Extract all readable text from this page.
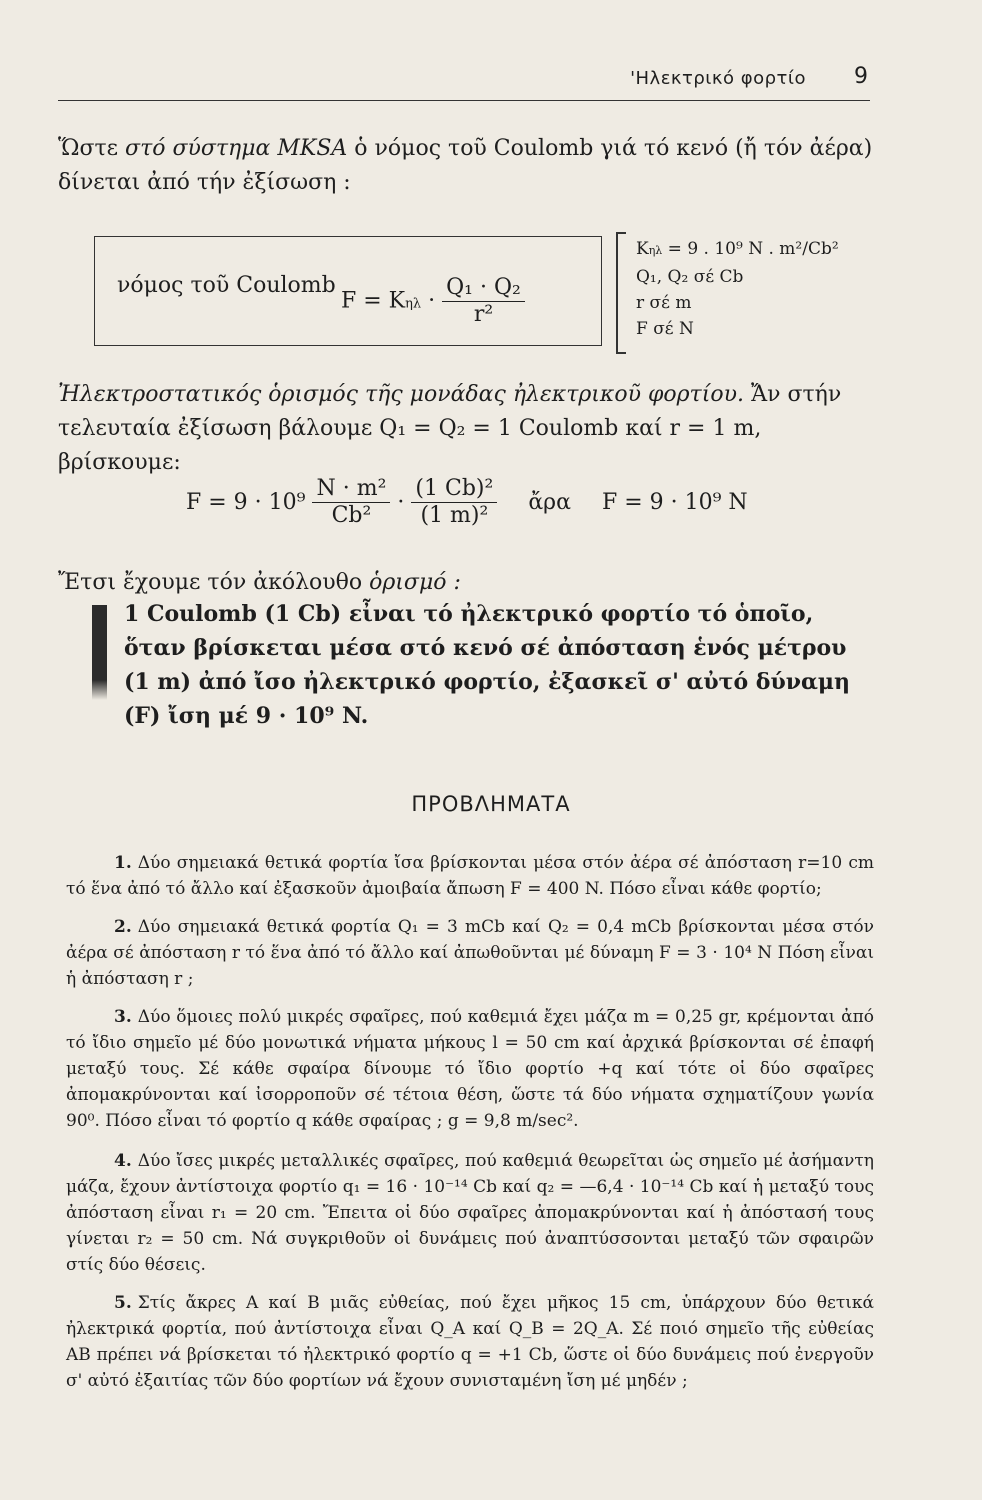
'Ηλεκτρικό φορτίο 9
Ὥστε στό σύστημα MKSA ὁ νόμος τοῦ Coulomb γιά τό κενό (ἤ τόν ἀέρα) δίνεται ἀπό τήν ἐξίσωση :
νόμος τοῦ Coulomb
$F = K\eta\lambda \cdot \frac{\text{Q₁ · Q₂}}{\text{r²}}$
Kηλ = 9 . 10⁹ N . m²/Cb²
Q₁, Q₂ σέ Cb
r σέ m
F σέ N
Ἠλεκτροστατικός ὁρισμός τῆς μονάδας ἠλεκτρικοῦ φορτίου. Ἄν στήν τελευταία ἐξίσωση βάλουμε Q₁ = Q₂ = 1 Coulomb καί r = 1 m, βρίσκουμε:
$F = 9 \cdot 10^9 \frac{\text{N · m²}}{\text{Cb²}} \cdot \frac{\text{(1 Cb)²}}{\text{(1 m)²}}$ ἄρα F = 9 · 10⁹ N
Ἔτσι ἔχουμε τόν ἀκόλουθο ὁρισμό :
1 Coulomb (1 Cb) εἶναι τό ἠλεκτρικό φορτίο τό ὁποῖο, ὅταν βρίσκεται μέσα στό κενό σέ ἀπόσταση ἑνός μέτρου (1 m) ἀπό ἴσο ἠλεκτρικό φορτίο, ἐξασκεῖ σ' αὐτό δύναμη (F) ἴση μέ 9 · 10⁹ N.
ΠΡΟΒΛΗΜΑΤΑ
1. Δύο σημειακά θετικά φορτία ἴσα βρίσκονται μέσα στόν ἀέρα σέ ἀπόσταση r=10 cm τό ἕνα ἀπό τό ἄλλο καί ἐξασκοῦν ἀμοιβαία ἄπωση F = 400 N. Πόσο εἶναι κάθε φορτίο;
2. Δύο σημειακά θετικά φορτία Q₁ = 3 mCb καί Q₂ = 0,4 mCb βρίσκονται μέσα στόν ἀέρα σέ ἀπόσταση r τό ἕνα ἀπό τό ἄλλο καί ἀπωθοῦνται μέ δύναμη F = 3 · 10⁴ N Πόση εἶναι ἡ ἀπόσταση r ;
3. Δύο ὅμοιες πολύ μικρές σφαῖρες, πού καθεμιά ἔχει μάζα m = 0,25 gr, κρέμονται ἀπό τό ἴδιο σημεῖο μέ δύο μονωτικά νήματα μήκους l = 50 cm καί ἀρχικά βρίσκονται σέ ἐπαφή μεταξύ τους. Σέ κάθε σφαίρα δίνουμε τό ἴδιο φορτίο +q καί τότε οἱ δύο σφαῖρες ἀπομακρύνονται καί ἰσορροποῦν σέ τέτοια θέση, ὥστε τά δύο νήματα σχηματίζουν γωνία 90⁰. Πόσο εἶναι τό φορτίο q κάθε σφαίρας ; g = 9,8 m/sec².
4. Δύο ἴσες μικρές μεταλλικές σφαῖρες, πού καθεμιά θεωρεῖται ὡς σημεῖο μέ ἀσήμαντη μάζα, ἔχουν ἀντίστοιχα φορτίο q₁ = 16 · 10⁻¹⁴ Cb καί q₂ = —6,4 · 10⁻¹⁴ Cb καί ἡ μεταξύ τους ἀπόσταση εἶναι r₁ = 20 cm. Ἔπειτα οἱ δύο σφαῖρες ἀπομακρύνονται καί ἡ ἀπόστασή τους γίνεται r₂ = 50 cm. Νά συγκριθοῦν οἱ δυνάμεις πού ἀναπτύσσονται μεταξύ τῶν σφαιρῶν στίς δύο θέσεις.
5. Στίς ἄκρες Α καί Β μιᾶς εὐθείας, πού ἔχει μῆκος 15 cm, ὑπάρχουν δύο θετικά ἠλεκτρικά φορτία, πού ἀντίστοιχα εἶναι Q_A καί Q_B = 2Q_A. Σέ ποιό σημεῖο τῆς εὐθείας ΑΒ πρέπει νά βρίσκεται τό ἠλεκτρικό φορτίο q = +1 Cb, ὥστε οἱ δύο δυνάμεις πού ἐνεργοῦν σ' αὐτό ἐξαιτίας τῶν δύο φορτίων νά ἔχουν συνισταμένη ἴση μέ μηδέν ;
